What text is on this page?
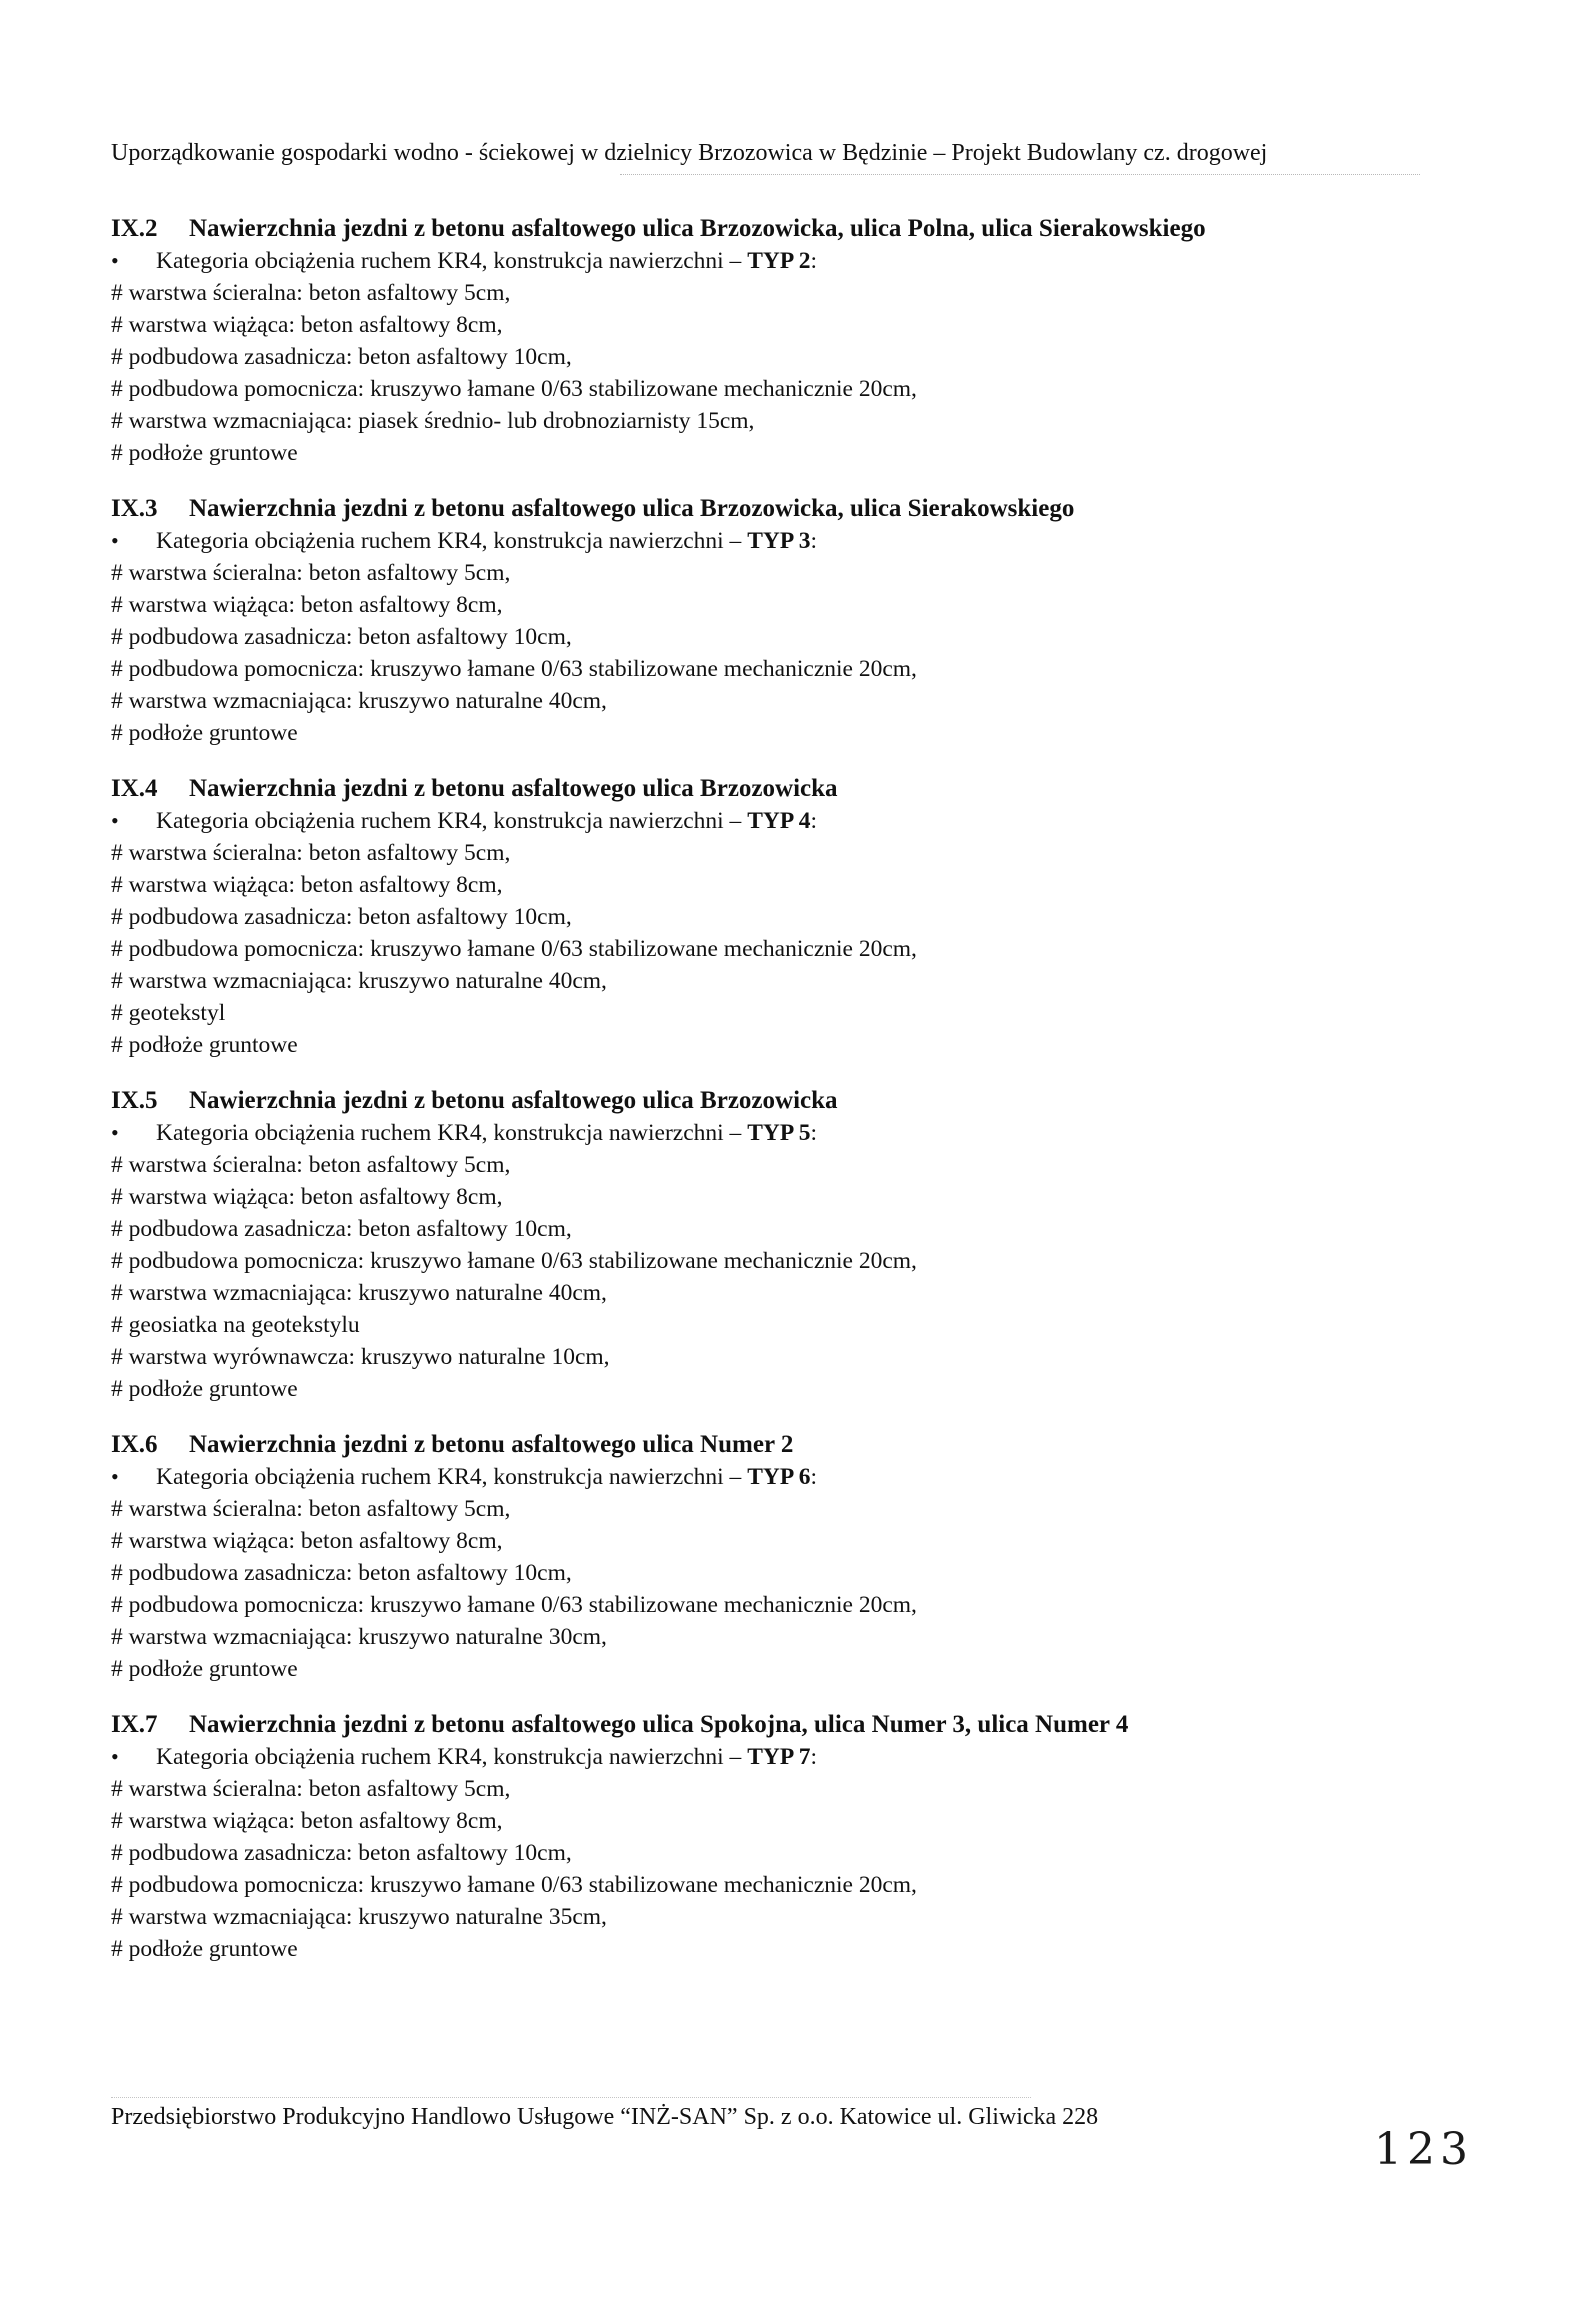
Uporządkowanie gospodarki wodno - ściekowej w dzielnicy Brzozowica w Będzinie – Projekt Budowlany cz. drogowej
IX.2 Nawierzchnia jezdni z betonu asfaltowego ulica Brzozowicka, ulica Polna, ulica Sierakowskiego
• Kategoria obciążenia ruchem KR4, konstrukcja nawierzchni – TYP 2:
# warstwa ścieralna: beton asfaltowy 5cm,
# warstwa wiążąca: beton asfaltowy 8cm,
# podbudowa zasadnicza: beton asfaltowy 10cm,
# podbudowa pomocnicza: kruszywo łamane 0/63 stabilizowane mechanicznie 20cm,
# warstwa wzmacniająca: piasek średnio- lub drobnoziarnisty 15cm,
# podłoże gruntowe
IX.3 Nawierzchnia jezdni z betonu asfaltowego ulica Brzozowicka, ulica Sierakowskiego
• Kategoria obciążenia ruchem KR4, konstrukcja nawierzchni – TYP 3:
# warstwa ścieralna: beton asfaltowy 5cm,
# warstwa wiążąca: beton asfaltowy 8cm,
# podbudowa zasadnicza: beton asfaltowy 10cm,
# podbudowa pomocnicza: kruszywo łamane 0/63 stabilizowane mechanicznie 20cm,
# warstwa wzmacniająca: kruszywo naturalne 40cm,
# podłoże gruntowe
IX.4 Nawierzchnia jezdni z betonu asfaltowego ulica Brzozowicka
• Kategoria obciążenia ruchem KR4, konstrukcja nawierzchni – TYP 4:
# warstwa ścieralna: beton asfaltowy 5cm,
# warstwa wiążąca: beton asfaltowy 8cm,
# podbudowa zasadnicza: beton asfaltowy 10cm,
# podbudowa pomocnicza: kruszywo łamane 0/63 stabilizowane mechanicznie 20cm,
# warstwa wzmacniająca: kruszywo naturalne 40cm,
# geotekstyl
# podłoże gruntowe
IX.5 Nawierzchnia jezdni z betonu asfaltowego ulica Brzozowicka
• Kategoria obciążenia ruchem KR4, konstrukcja nawierzchni – TYP 5:
# warstwa ścieralna: beton asfaltowy 5cm,
# warstwa wiążąca: beton asfaltowy 8cm,
# podbudowa zasadnicza: beton asfaltowy 10cm,
# podbudowa pomocnicza: kruszywo łamane 0/63 stabilizowane mechanicznie 20cm,
# warstwa wzmacniająca: kruszywo naturalne 40cm,
# geosiatka na geotekstylu
# warstwa wyrównawcza: kruszywo naturalne 10cm,
# podłoże gruntowe
IX.6 Nawierzchnia jezdni z betonu asfaltowego ulica Numer 2
• Kategoria obciążenia ruchem KR4, konstrukcja nawierzchni – TYP 6:
# warstwa ścieralna: beton asfaltowy 5cm,
# warstwa wiążąca: beton asfaltowy 8cm,
# podbudowa zasadnicza: beton asfaltowy 10cm,
# podbudowa pomocnicza: kruszywo łamane 0/63 stabilizowane mechanicznie 20cm,
# warstwa wzmacniająca: kruszywo naturalne 30cm,
# podłoże gruntowe
IX.7 Nawierzchnia jezdni z betonu asfaltowego ulica Spokojna, ulica Numer 3, ulica Numer 4
• Kategoria obciążenia ruchem KR4, konstrukcja nawierzchni – TYP 7:
# warstwa ścieralna: beton asfaltowy 5cm,
# warstwa wiążąca: beton asfaltowy 8cm,
# podbudowa zasadnicza: beton asfaltowy 10cm,
# podbudowa pomocnicza: kruszywo łamane 0/63 stabilizowane mechanicznie 20cm,
# warstwa wzmacniająca: kruszywo naturalne 35cm,
# podłoże gruntowe
Przedsiębiorstwo Produkcyjno Handlowo Usługowe “INŻ-SAN” Sp. z o.o. Katowice ul. Gliwicka 228
123
